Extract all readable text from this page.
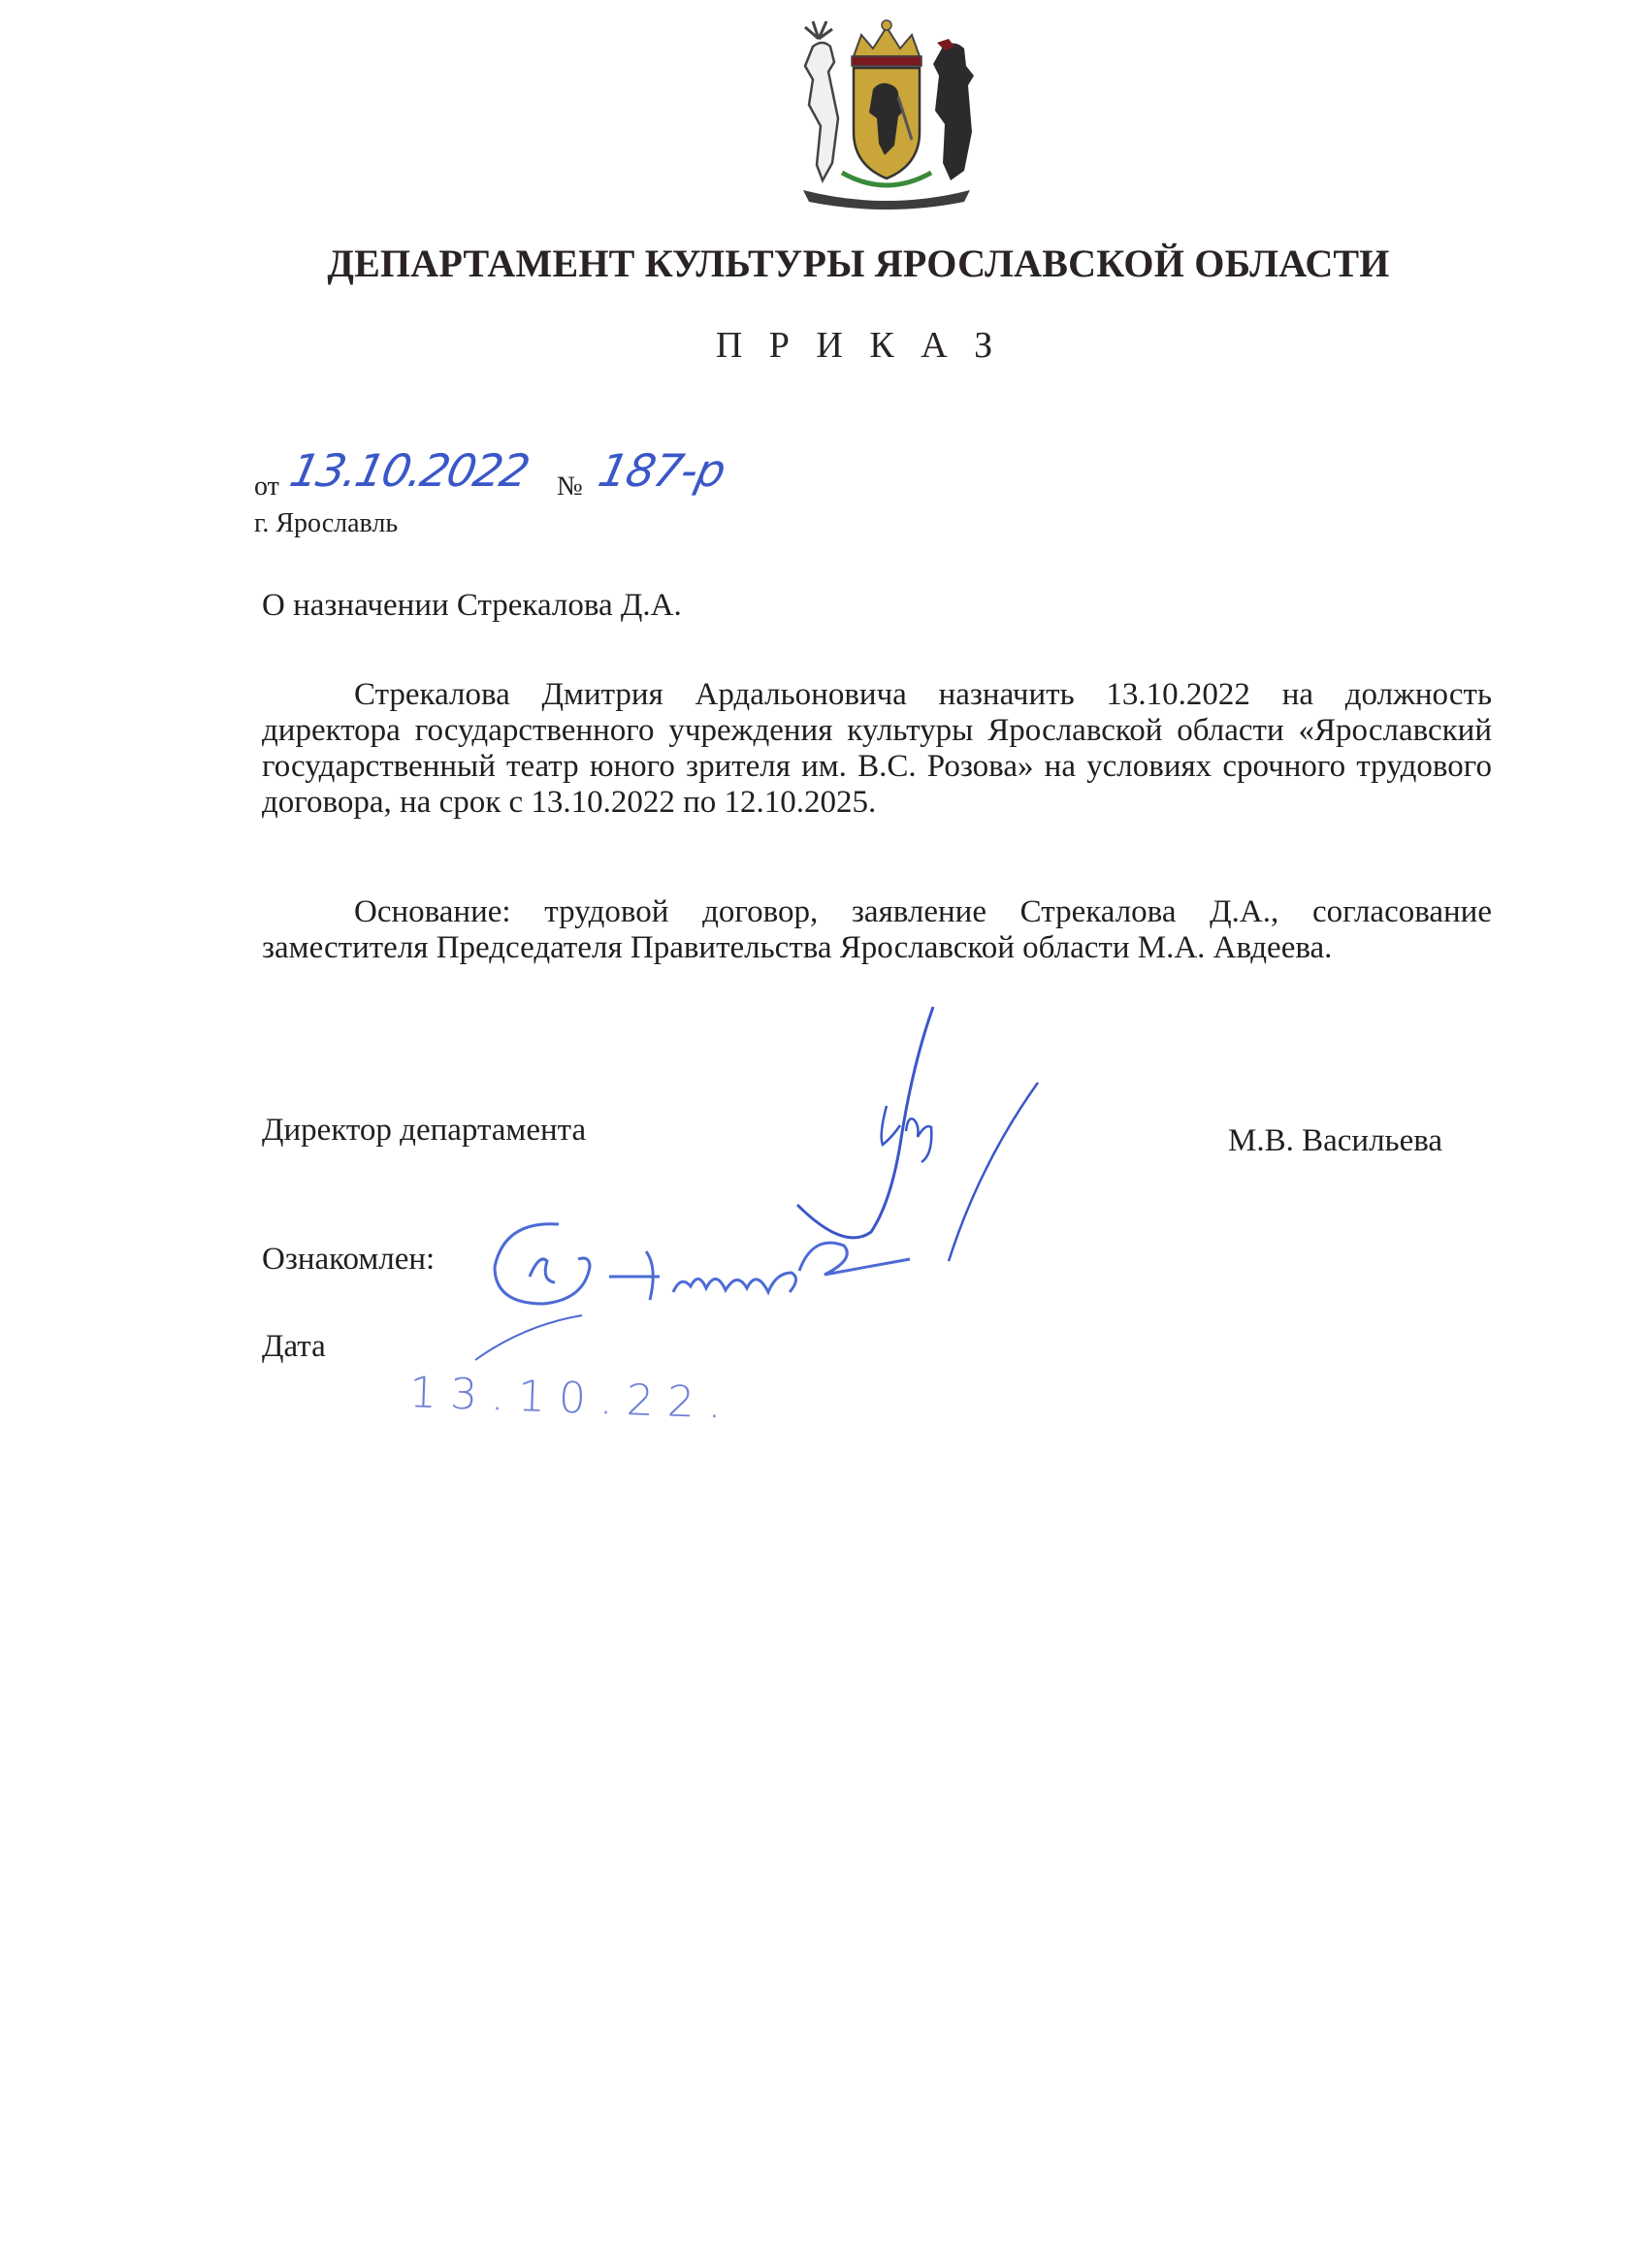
ДЕПАРТАМЕНТ КУЛЬТУРЫ ЯРОСЛАВСКОЙ ОБЛАСТИ
П Р И К А З
от 13.10.2022 № 187-р
г. Ярославль
О назначении Стрекалова Д.А.

Стрекалова Дмитрия Ардальоновича назначить 13.10.2022 на должность директора государственного учреждения культуры Ярославской области «Ярославский государственный театр юного зрителя им. В.С. Розова» на условиях срочного трудового договора, на срок с 13.10.2022 по 12.10.2025.

Основание: трудовой договор, заявление Стрекалова Д.А., согласование заместителя Председателя Правительства Ярославской области М.А. Авдеева.

Директор департамента	М.В. Васильева
Ознакомлен:
Дата
13.10.22.
